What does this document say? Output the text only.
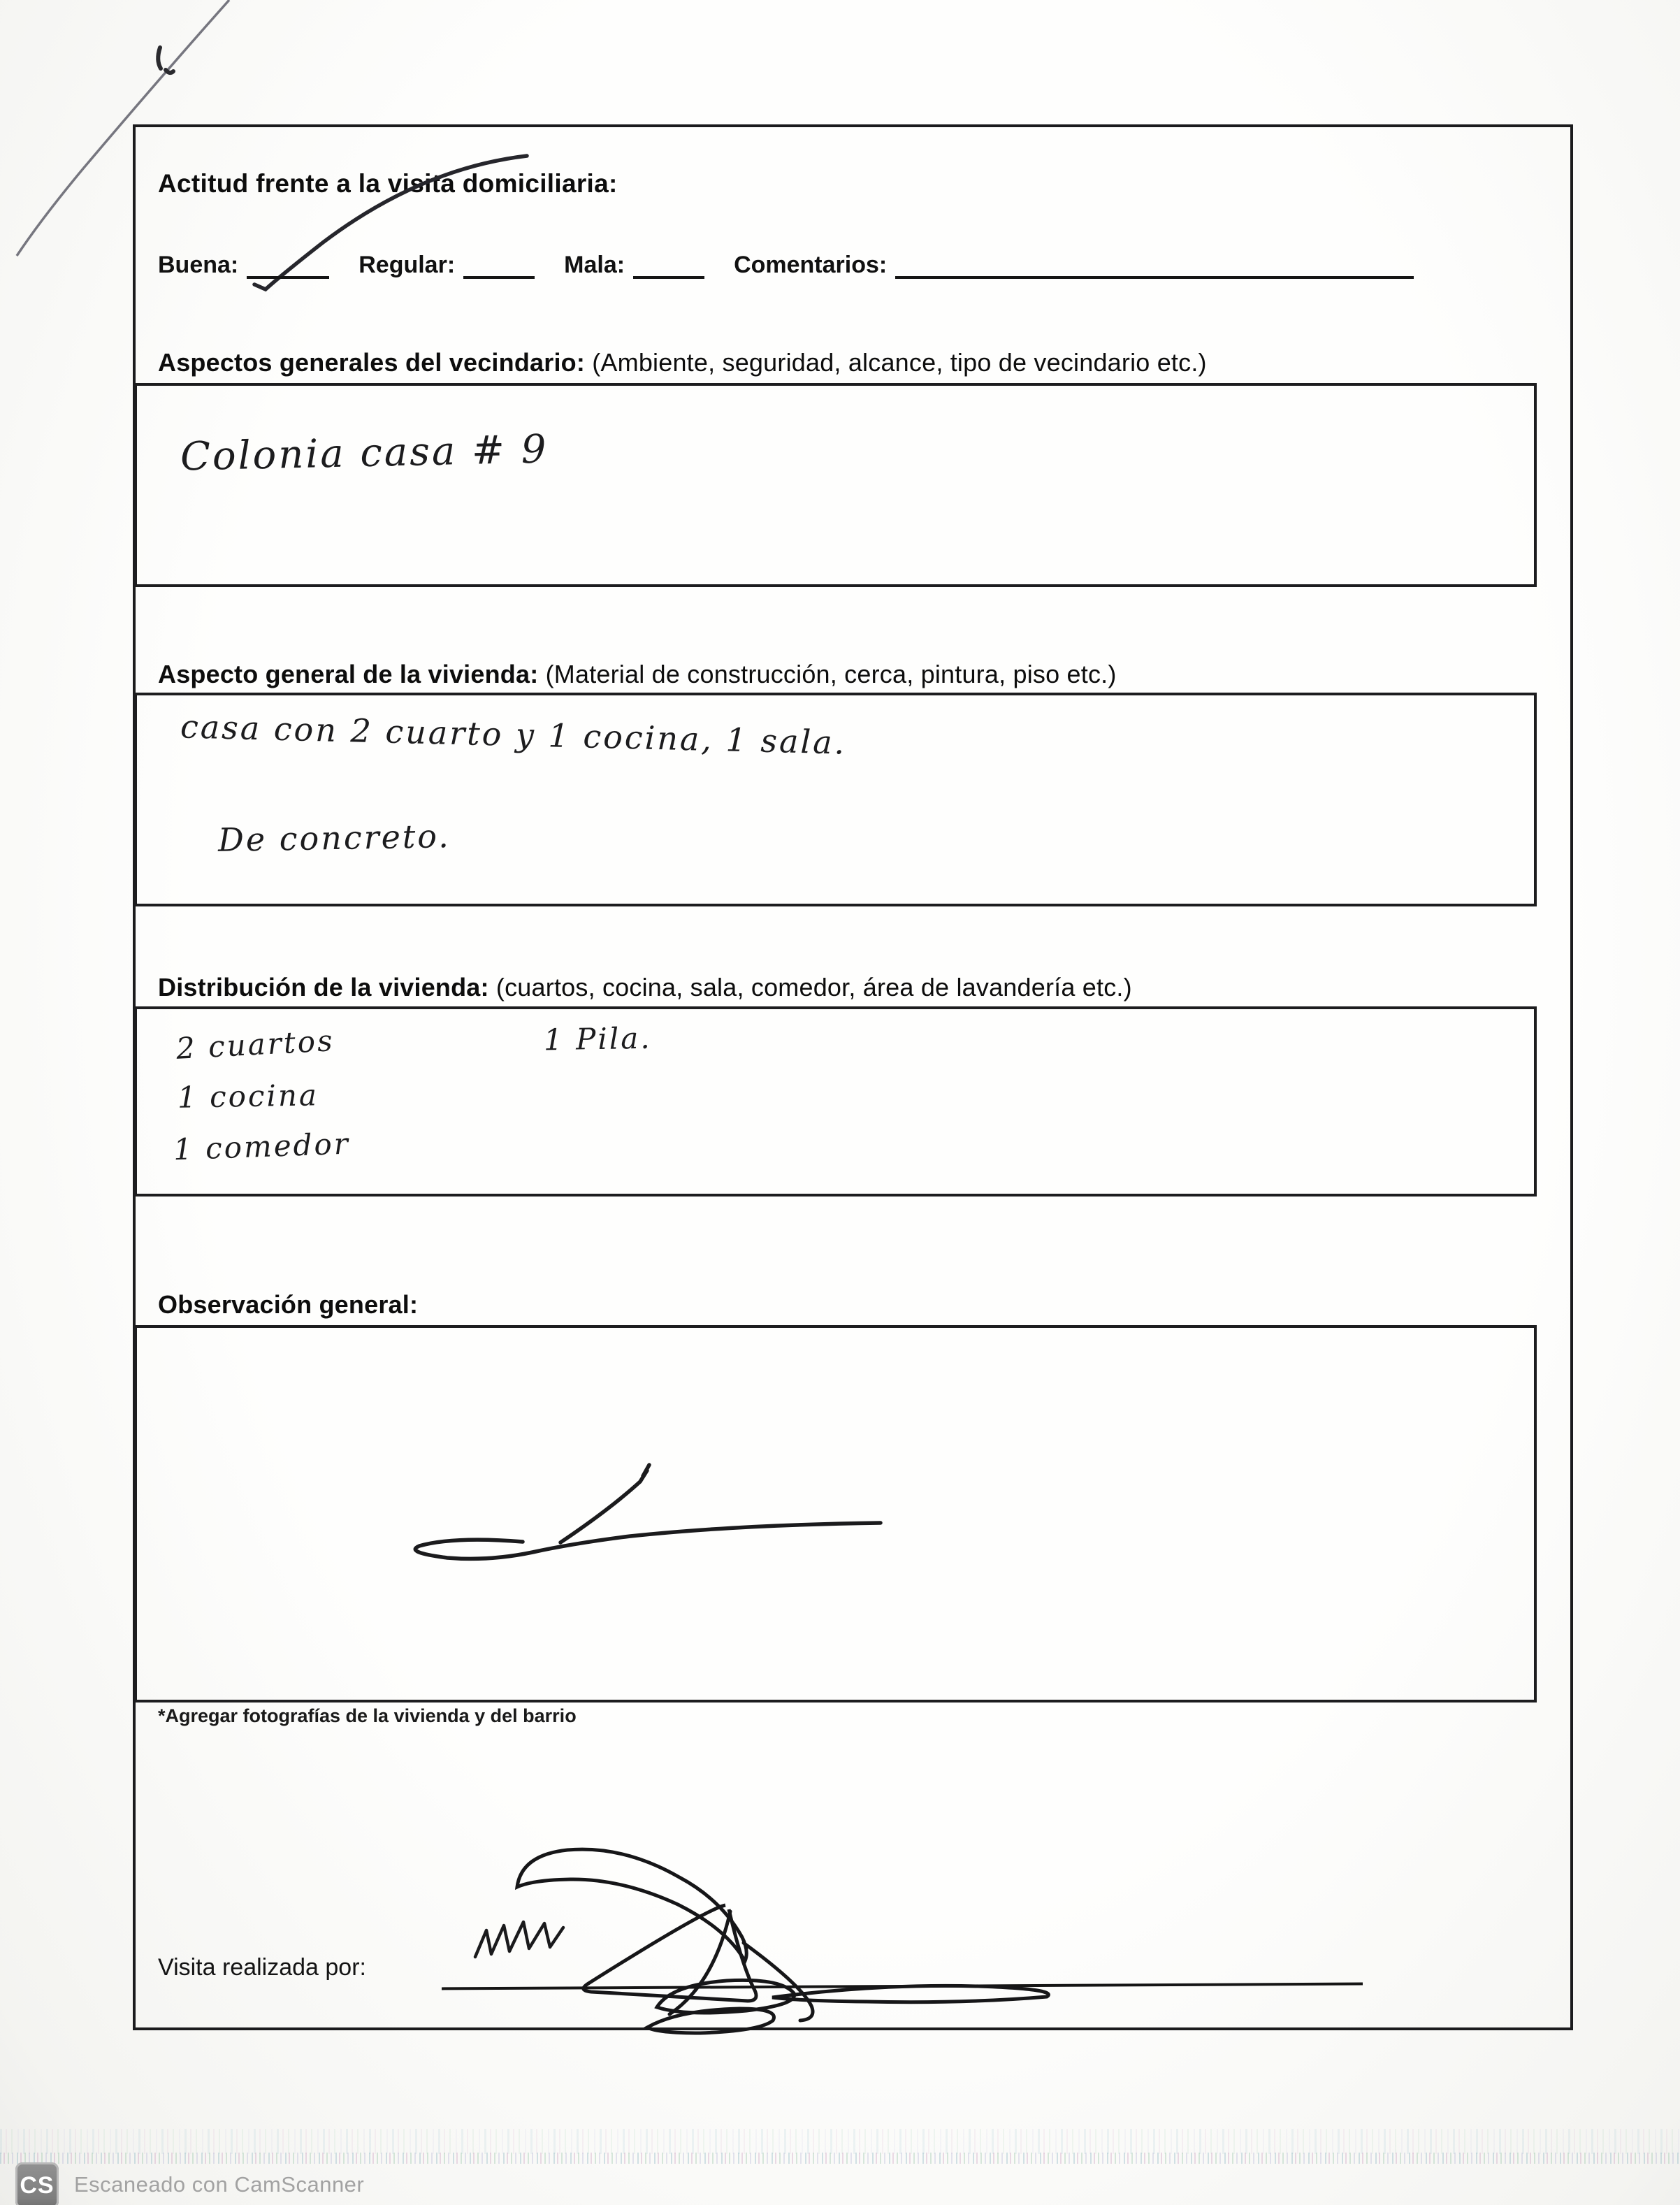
Actitud frente a la visita domiciliaria:
Buena:	Regular:	Mala:	Comentarios:
Aspectos generales del vecindario: (Ambiente, seguridad, alcance, tipo de vecindario etc.)
Colonia casa # 9
Aspecto general de la vivienda: (Material de construcción, cerca, pintura, piso etc.)
casa con 2 cuarto y 1 cocina, 1 sala.
De concreto.
Distribución de la vivienda: (cuartos, cocina, sala, comedor, área de lavandería etc.)
2 cuartos	1 Pila.
1 cocina
1 comedor
Observación general:
*Agregar fotografías de la vivienda y del barrio
Visita realizada por:
CS Escaneado con CamScanner
